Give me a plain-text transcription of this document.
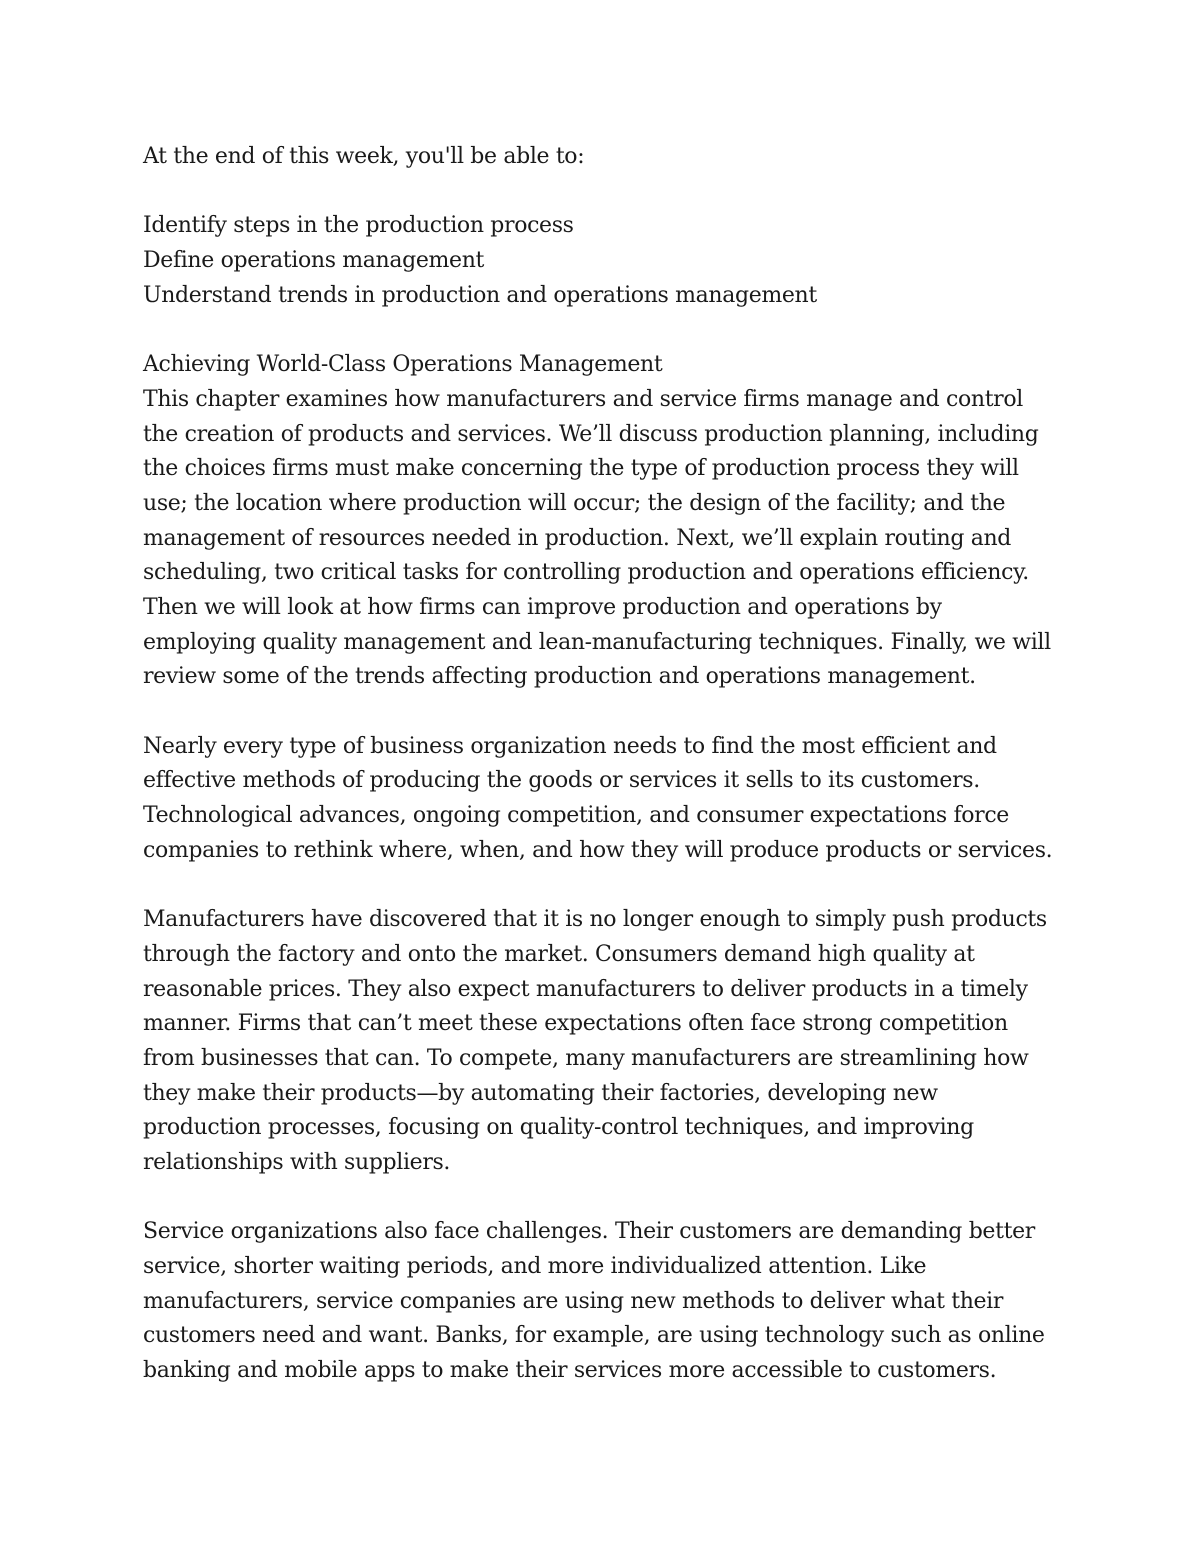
At the end of this week, you'll be able to:
Identify steps in the production process
Define operations management
Understand trends in production and operations management
Achieving World-Class Operations Management
This chapter examines how manufacturers and service firms manage and control
the creation of products and services. We’ll discuss production planning, including
the choices firms must make concerning the type of production process they will
use; the location where production will occur; the design of the facility; and the
management of resources needed in production. Next, we’ll explain routing and
scheduling, two critical tasks for controlling production and operations efficiency.
Then we will look at how firms can improve production and operations by
employing quality management and lean-manufacturing techniques. Finally, we will
review some of the trends affecting production and operations management.
Nearly every type of business organization needs to find the most efficient and
effective methods of producing the goods or services it sells to its customers.
Technological advances, ongoing competition, and consumer expectations force
companies to rethink where, when, and how they will produce products or services.
Manufacturers have discovered that it is no longer enough to simply push products
through the factory and onto the market. Consumers demand high quality at
reasonable prices. They also expect manufacturers to deliver products in a timely
manner. Firms that can’t meet these expectations often face strong competition
from businesses that can. To compete, many manufacturers are streamlining how
they make their products—by automating their factories, developing new
production processes, focusing on quality-control techniques, and improving
relationships with suppliers.
Service organizations also face challenges. Their customers are demanding better
service, shorter waiting periods, and more individualized attention. Like
manufacturers, service companies are using new methods to deliver what their
customers need and want. Banks, for example, are using technology such as online
banking and mobile apps to make their services more accessible to customers.
